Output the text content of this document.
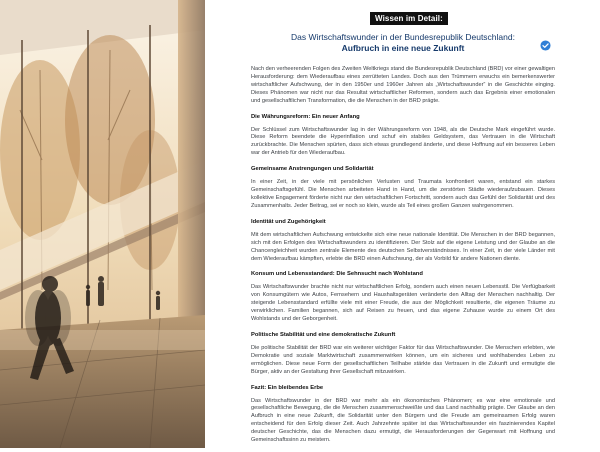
Wissen im Detail:
Das Wirtschaftswunder in der Bundesrepublik Deutschland:
Aufbruch in eine neue Zukunft

Nach den verheerenden Folgen des Zweiten Weltkriegs stand die Bundesrepublik Deutschland (BRD) vor einer gewaltigen Herausforderung: dem Wiederaufbau eines zerrütteten Landes. Doch aus den Trümmern erwuchs ein bemerkenswerter wirtschaftlicher Aufschwung, der in den 1950er und 1960er Jahren als „Wirtschaftswunder“ in die Geschichte einging. Dieses Phänomen war nicht nur das Resultat wirtschaftlicher Reformen, sondern auch das Ergebnis einer emotionalen und gesellschaftlichen Transformation, die die Menschen in der BRD prägte.

Die Währungsreform: Ein neuer Anfang

Der Schlüssel zum Wirtschaftswunder lag in der Währungsreform von 1948, als die Deutsche Mark eingeführt wurde. Diese Reform beendete die Hyperinflation und schuf ein stabiles Geldsystem, das Vertrauen in die Wirtschaft zurückbrachte. Die Menschen spürten, dass sich etwas grundlegend änderte, und diese Hoffnung auf ein besseres Leben war der Antrieb für den Wiederaufbau.

Gemeinsame Anstrengungen und Solidarität

In einer Zeit, in der viele mit persönlichen Verlusten und Traumata konfrontiert waren, entstand ein starkes Gemeinschaftsgefühl. Die Menschen arbeiteten Hand in Hand, um die zerstörten Städte wiederaufzubauen. Dieses kollektive Engagement förderte nicht nur den wirtschaftlichen Fortschritt, sondern auch das Gefühl der Solidarität und des Zusammenhalts. Jeder Beitrag, sei er noch so klein, wurde als Teil eines großen Ganzen wahrgenommen.

Identität und Zugehörigkeit

Mit dem wirtschaftlichen Aufschwung entwickelte sich eine neue nationale Identität. Die Menschen in der BRD begannen, sich mit den Erfolgen des Wirtschaftswunders zu identifizieren. Der Stolz auf die eigene Leistung und der Glaube an die Chancengleichheit wurden zentrale Elemente des deutschen Selbstverständnisses. In einer Zeit, in der viele Länder mit dem Wiederaufbau kämpften, erlebte die BRD einen Aufschwung, der als Vorbild für andere Nationen diente.

Konsum und Lebensstandard: Die Sehnsucht nach Wohlstand

Das Wirtschaftswunder brachte nicht nur wirtschaftlichen Erfolg, sondern auch einen neuen Lebensstil. Die Verfügbarkeit von Konsumgütern wie Autos, Fernsehern und Haushaltsgeräten veränderte den Alltag der Menschen nachhaltig. Der steigende Lebensstandard erfüllte viele mit einer Freude, die aus der Möglichkeit resultierte, die eigenen Träume zu verwirklichen. Familien begannen, sich auf Reisen zu freuen, und das eigene Zuhause wurde zu einem Ort des Wohlstands und der Geborgenheit.

Politische Stabilität und eine demokratische Zukunft

Die politische Stabilität der BRD war ein weiterer wichtiger Faktor für das Wirtschaftswunder. Die Menschen erlebten, wie Demokratie und soziale Marktwirtschaft zusammenwirken können, um ein sicheres und wohlhabendes Leben zu ermöglichen. Diese neue Form der gesellschaftlichen Teilhabe stärkte das Vertrauen in die Zukunft und ermutigte die Bürger, aktiv an der Gestaltung ihrer Gesellschaft mitzuwirken.

Fazit: Ein bleibendes Erbe

Das Wirtschaftswunder in der BRD war mehr als ein ökonomisches Phänomen; es war eine emotionale und gesellschaftliche Bewegung, die die Menschen zusammenschweißte und das Land nachhaltig prägte. Der Glaube an den Aufbruch in eine neue Zukunft, die Solidarität unter den Bürgern und die Freude am gemeinsamen Erfolg waren entscheidend für den Erfolg dieser Zeit. Auch Jahrzehnte später ist das Wirtschaftswunder ein faszinierendes Kapitel deutscher Geschichte, das die Menschen dazu ermutigt, die Herausforderungen der Gegenwart mit Hoffnung und Gemeinschaftssinn zu meistern.
